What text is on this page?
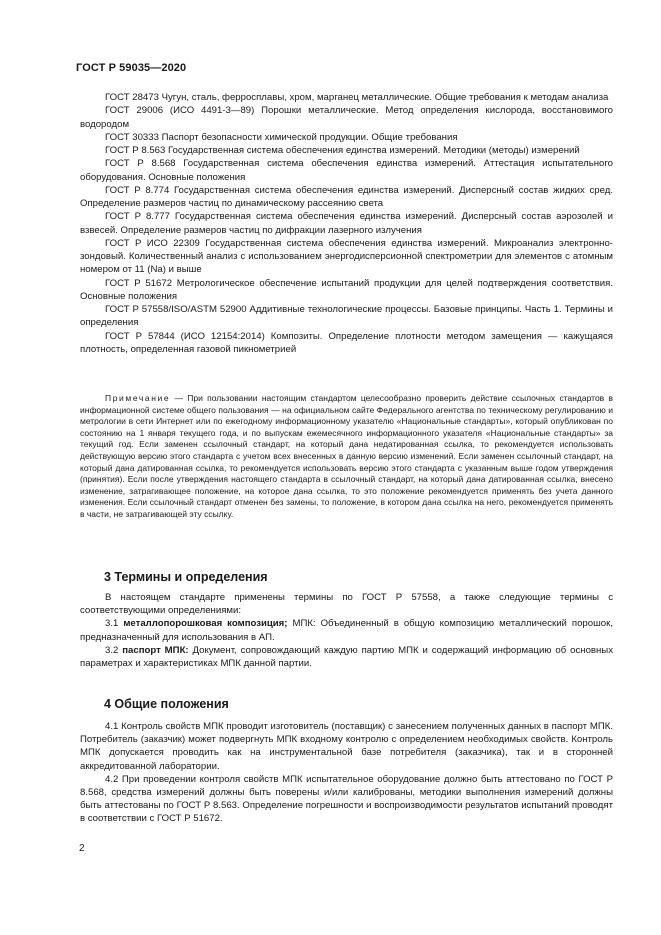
ГОСТ Р 59035—2020

ГОСТ 28473 Чугун, сталь, ферросплавы, хром, марганец металлические. Общие требования к методам анализа

ГОСТ 29006 (ИСО 4491-3—89) Порошки металлические. Метод определения кислорода, восстановимого водородом

ГОСТ 30333 Паспорт безопасности химической продукции. Общие требования

ГОСТ Р 8.563 Государственная система обеспечения единства измерений. Методики (методы) измерений

ГОСТ Р 8.568 Государственная система обеспечения единства измерений. Аттестация испытательного оборудования. Основные положения

ГОСТ Р 8.774 Государственная система обеспечения единства измерений. Дисперсный состав жидких сред. Определение размеров частиц по динамическому рассеянию света

ГОСТ Р 8.777 Государственная система обеспечения единства измерений. Дисперсный состав аэрозолей и взвесей. Определение размеров частиц по дифракции лазерного излучения

ГОСТ Р ИСО 22309 Государственная система обеспечения единства измерений. Микроанализ электронно-зондовый. Количественный анализ с использованием энергодисперсионной спектрометрии для элементов с атомным номером от 11 (Na) и выше

ГОСТ Р 51672 Метрологическое обеспечение испытаний продукции для целей подтверждения соответствия. Основные положения

ГОСТ Р 57558/ISO/ASTM 52900 Аддитивные технологические процессы. Базовые принципы. Часть 1. Термины и определения

ГОСТ Р 57844 (ИСО 12154:2014) Композиты. Определение плотности методом замещения — кажущаяся плотность, определенная газовой пикнометрией

Примечание — При пользовании настоящим стандартом целесообразно проверить действие ссылочных стандартов в информационной системе общего пользования — на официальном сайте Федерального агентства по техническому регулированию и метрологии в сети Интернет или по ежегодному информационному указателю «Национальные стандарты», который опубликован по состоянию на 1 января текущего года, и по выпускам ежемесячного информационного указателя «Национальные стандарты» за текущий год. Если заменен ссылочный стандарт, на который дана недатированная ссылка, то рекомендуется использовать действующую версию этого стандарта с учетом всех внесенных в данную версию изменений. Если заменен ссылочный стандарт, на который дана датированная ссылка, то рекомендуется использовать версию этого стандарта с указанным выше годом утверждения (принятия). Если после утверждения настоящего стандарта в ссылочный стандарт, на который дана датированная ссылка, внесено изменение, затрагивающее положение, на которое дана ссылка, то это положение рекомендуется применять без учета данного изменения. Если ссылочный стандарт отменен без замены, то положение, в котором дана ссылка на него, рекомендуется применять в части, не затрагивающей эту ссылку.

3 Термины и определения

В настоящем стандарте применены термины по ГОСТ Р 57558, а также следующие термины с соответствующими определениями:

3.1 металлопорошковая композиция; МПК: Объединенный в общую композицию металлический порошок, предназначенный для использования в АП.

3.2 паспорт МПК: Документ, сопровождающий каждую партию МПК и содержащий информацию об основных параметрах и характеристиках МПК данной партии.

4 Общие положения

4.1 Контроль свойств МПК проводит изготовитель (поставщик) с занесением полученных данных в паспорт МПК. Потребитель (заказчик) может подвергнуть МПК входному контролю с определением необходимых свойств. Контроль МПК допускается проводить как на инструментальной базе потребителя (заказчика), так и в сторонней аккредитованной лаборатории.

4.2 При проведении контроля свойств МПК испытательное оборудование должно быть аттестовано по ГОСТ Р 8.568, средства измерений должны быть поверены и/или калиброваны, методики выполнения измерений должны быть аттестованы по ГОСТ Р 8.563. Определение погрешности и воспроизводимости результатов испытаний проводят в соответствии с ГОСТ Р 51672.

2
